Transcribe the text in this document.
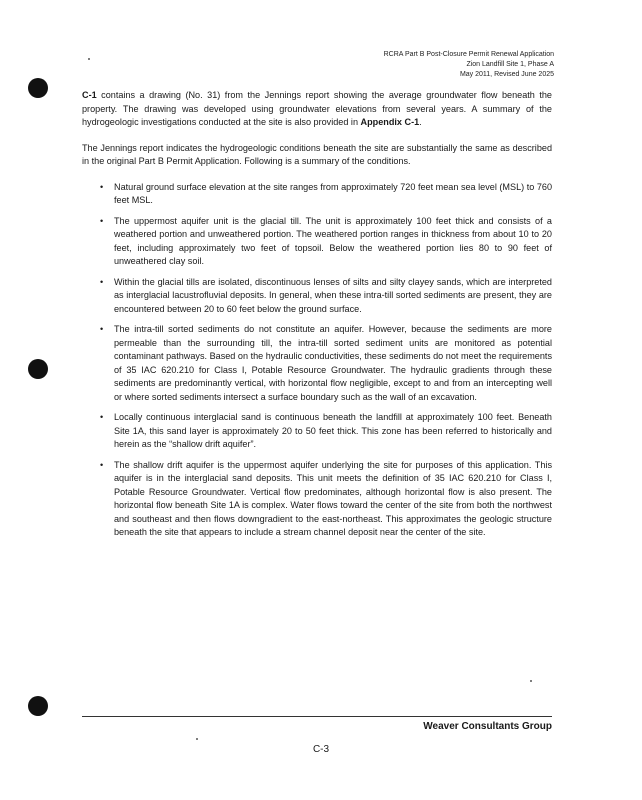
RCRA Part B Post-Closure Permit Renewal Application
Zion Landfill Site 1, Phase A
May 2011, Revised June 2025

C-1 contains a drawing (No. 31) from the Jennings report showing the average groundwater flow beneath the property. The drawing was developed using groundwater elevations from several years. A summary of the hydrogeologic investigations conducted at the site is also provided in Appendix C-1.

The Jennings report indicates the hydrogeologic conditions beneath the site are substantially the same as described in the original Part B Permit Application. Following is a summary of the conditions.

• Natural ground surface elevation at the site ranges from approximately 720 feet mean sea level (MSL) to 760 feet MSL.
• The uppermost aquifer unit is the glacial till. The unit is approximately 100 feet thick and consists of a weathered portion and unweathered portion. The weathered portion ranges in thickness from about 10 to 20 feet, including approximately two feet of topsoil. Below the weathered portion lies 80 to 90 feet of unweathered clay soil.
• Within the glacial tills are isolated, discontinuous lenses of silts and silty clayey sands, which are interpreted as interglacial lacustrofluvial deposits. In general, when these intra-till sorted sediments are present, they are encountered between 20 to 60 feet below the ground surface.
• The intra-till sorted sediments do not constitute an aquifer. However, because the sediments are more permeable than the surrounding till, the intra-till sorted sediment units are monitored as potential contaminant pathways. Based on the hydraulic conductivities, these sediments do not meet the requirements of 35 IAC 620.210 for Class I, Potable Resource Groundwater. The hydraulic gradients through these sediments are predominantly vertical, with horizontal flow negligible, except to and from an intercepting well or where sorted sediments intersect a surface boundary such as the wall of an excavation.
• Locally continuous interglacial sand is continuous beneath the landfill at approximately 100 feet. Beneath Site 1A, this sand layer is approximately 20 to 50 feet thick. This zone has been referred to historically and herein as the “shallow drift aquifer”.
• The shallow drift aquifer is the uppermost aquifer underlying the site for purposes of this application. This aquifer is in the interglacial sand deposits. This unit meets the definition of 35 IAC 620.210 for Class I, Potable Resource Groundwater. Vertical flow predominates, although horizontal flow is also present. The horizontal flow beneath Site 1A is complex. Water flows toward the center of the site from both the northwest and southeast and then flows downgradient to the east-northeast. This approximates the geologic structure beneath the site that appears to include a stream channel deposit near the center of the site.
Weaver Consultants Group
C-3
